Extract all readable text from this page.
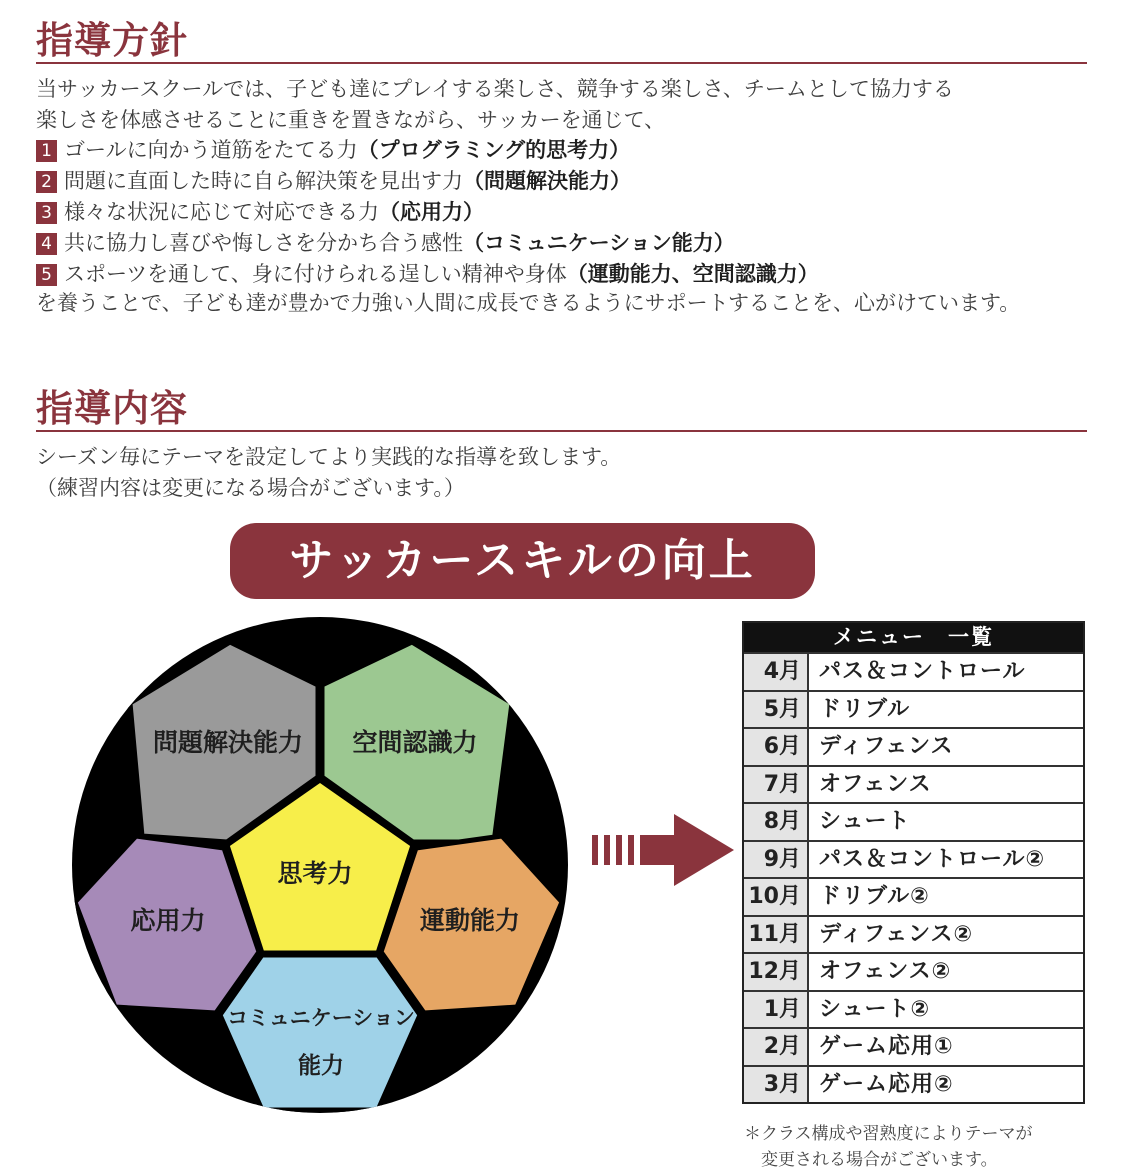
指導方針
当サッカースクールでは、子ども達にプレイする楽しさ、競争する楽しさ、チームとして協力する
楽しさを体感させることに重きを置きながら、サッカーを通じて、
1 ゴールに向かう道筋をたてる力（プログラミング的思考力）
2 問題に直面した時に自ら解決策を見出す力（問題解決能力）
3 様々な状況に応じて対応できる力（応用力）
4 共に協力し喜びや悔しさを分かち合う感性（コミュニケーション能力）
5 スポーツを通して、身に付けられる逞しい精神や身体（運動能力、空間認識力）
を養うことで、子ども達が豊かで力強い人間に成長できるようにサポートすることを、心がけています。
指導内容
シーズン毎にテーマを設定してより実践的な指導を致します。
（練習内容は変更になる場合がございます。）
サッカースキルの向上
問題解決能力 空間認識力
思考力
応用力	運動能力
コミュニケーション
能力
メニュー　一覧
4月 パス＆コントロール
5月 ドリブル
6月 ディフェンス
7月 オフェンス
8月 シュート
9月 パス＆コントロール②
10月 ドリブル②
11月 ディフェンス②
12月 オフェンス②
1月 シュート②
2月 ゲーム応用①
3月 ゲーム応用②
＊クラス構成や習熟度によりテーマが
変更される場合がございます。
